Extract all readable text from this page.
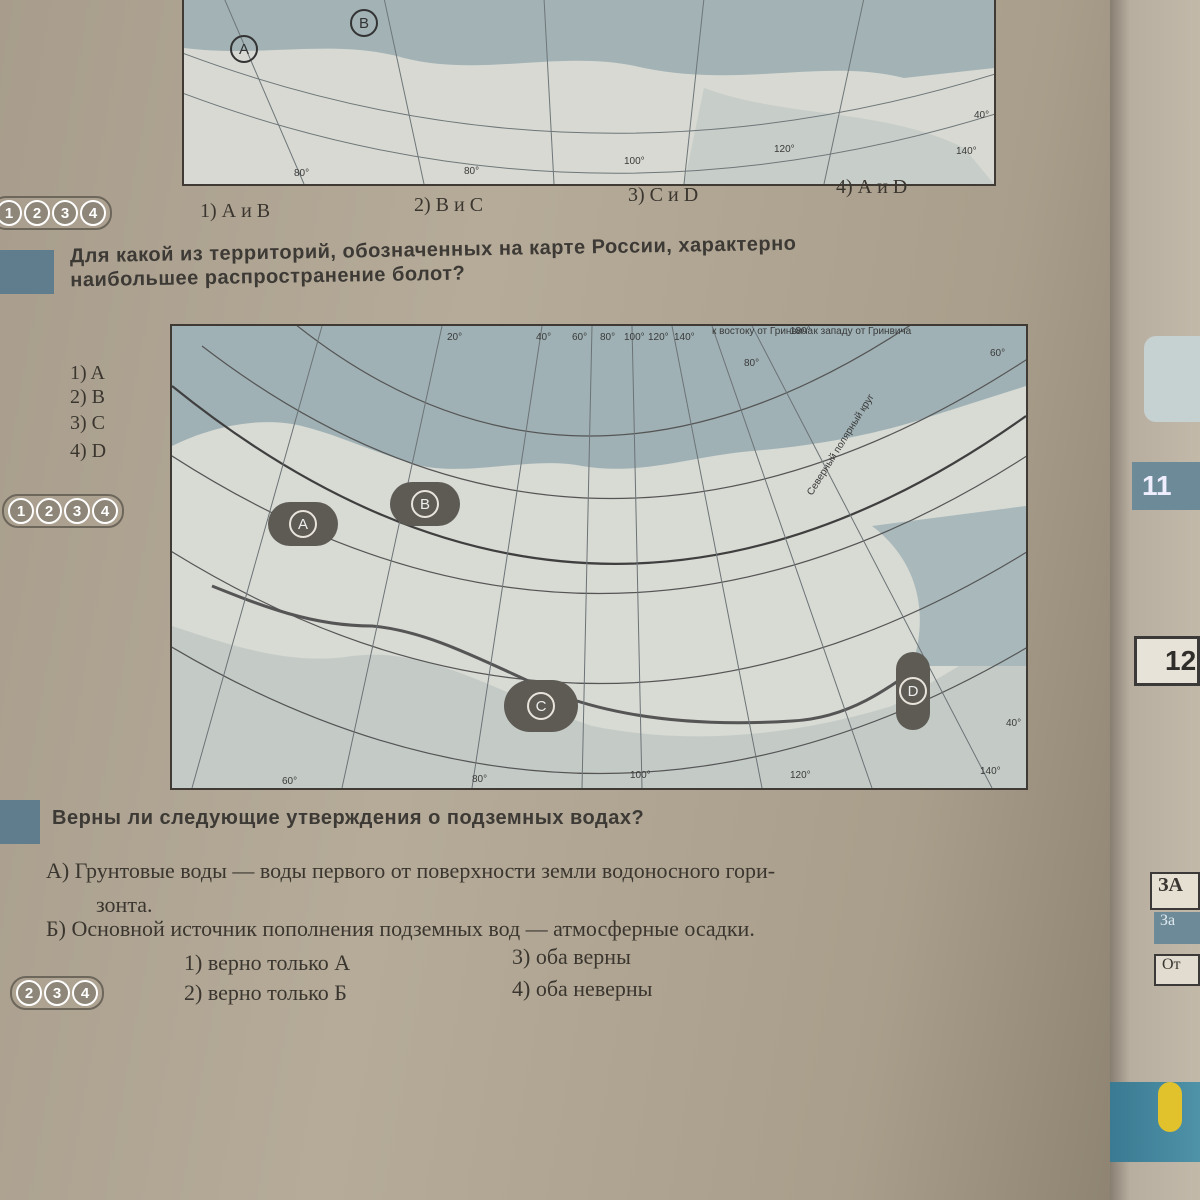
11
12
ЗА
За
От
80°	80°
100°
120°	140°
40°
A
B
1	2	3	4	1) А и В	2) В и С	3) С и D	4) А и D
Для какой из территорий, обозначенных на карте России, характерно
наибольшее распространение болот?
1) A
2) B
3) C
4) D
1	2	3	4
20°	40° 60° 80° 100° 120° 140°
к востоку от Гринвича
180° к западу от Гринвича
80°
60°
40°
Северный полярный круг
60°	80°	100°	120°	140°
A
B
C
D
Верны ли следующие утверждения о подземных водах?
А) Грунтовые воды — воды первого от поверхности земли водоносного гори-
зонта.
Б) Основной источник пополнения подземных вод — атмосферные осадки.
1) верно только А
2) верно только Б
3) оба верны
4) оба неверны
2	3	4
